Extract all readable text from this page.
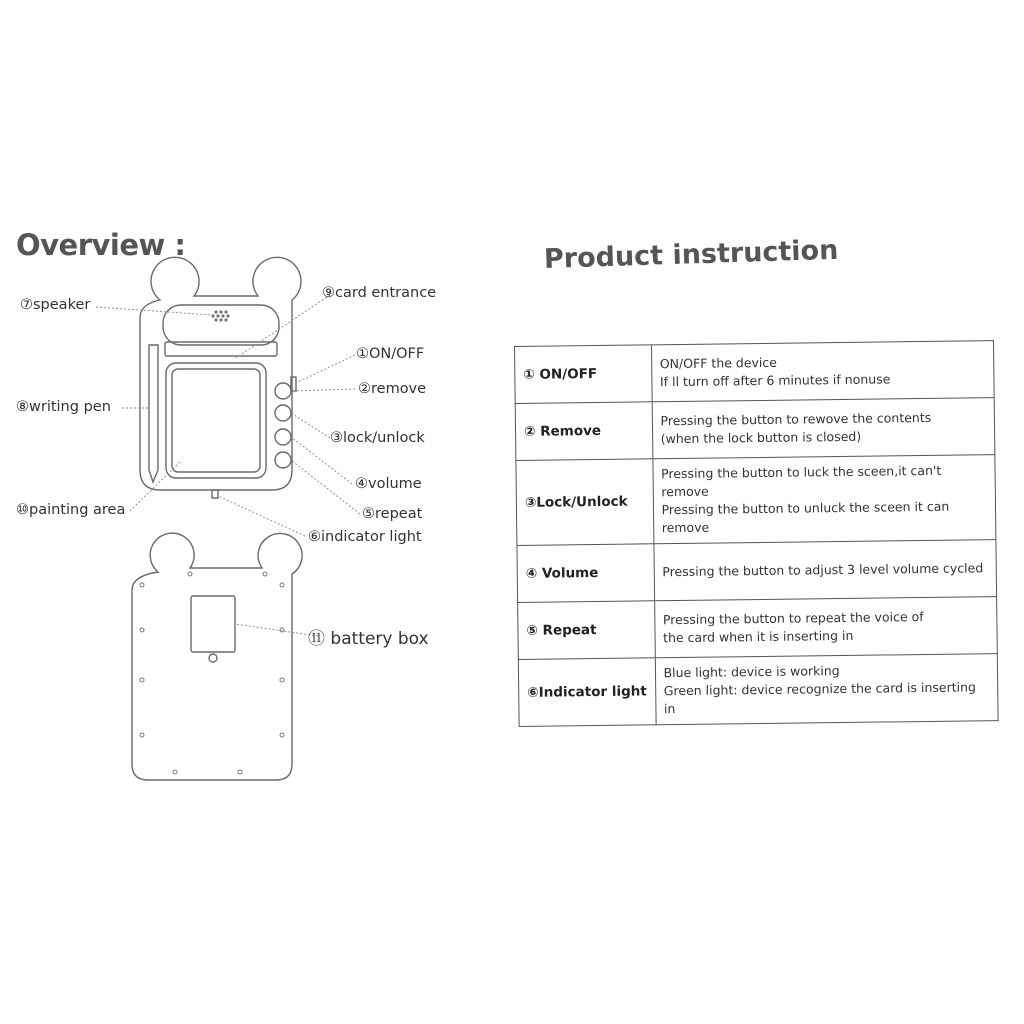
Overview :	Product instruction
⑦speaker
⑨card entrance
①ON/OFF
②remove
⑧writing pen
③lock/unlock
④volume
⑤repeat
⑩painting area
⑥indicator light
⑪ battery box
① ON/OFF	ON/OFF the device
If ll turn off after 6 minutes if nonuse

② Remove	Pressing the button to rewove the contents
(when the lock button is closed)

③Lock/Unlock	Pressing the button to luck the sceen,it can't remove
Pressing the button to unluck the sceen it can remove

④ Volume	Pressing the button to adjust 3 level volume cycled

⑤ Repeat	Pressing the button to repeat the voice of
the card when it is inserting in

⑥Indicator light	Blue light: device is working
Green light: device recognize the card is inserting in
